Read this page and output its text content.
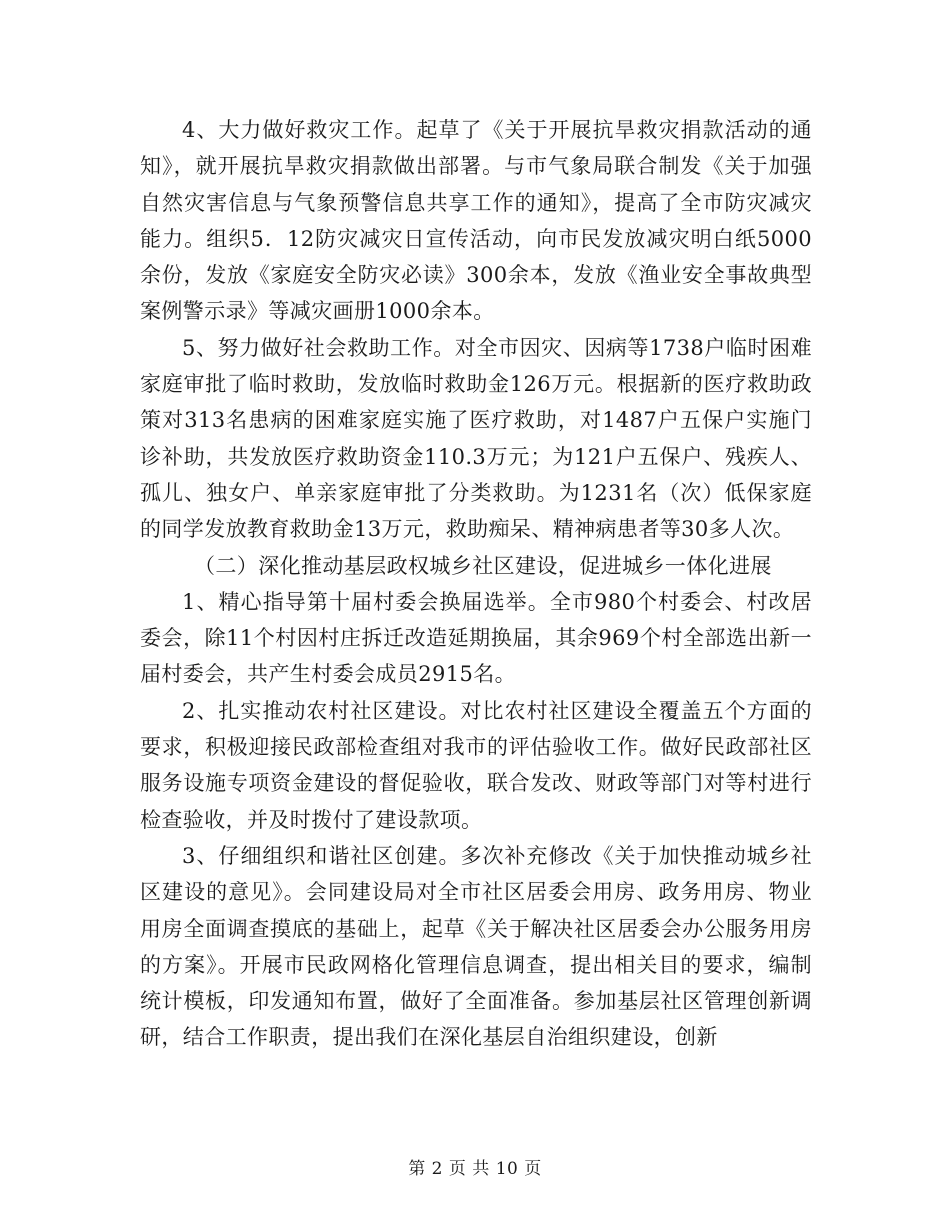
4、大力做好救灾工作。起草了《关于开展抗旱救灾捐款活动的通知》，就开展抗旱救灾捐款做出部署。与市气象局联合制发《关于加强自然灾害信息与气象预警信息共享工作的通知》，提高了全市防灾减灾能力。组织5．12防灾减灾日宣传活动，向市民发放减灾明白纸5000余份，发放《家庭安全防灾必读》300余本，发放《渔业安全事故典型案例警示录》等减灾画册1000余本。

5、努力做好社会救助工作。对全市因灾、因病等1738户临时困难家庭审批了临时救助，发放临时救助金126万元。根据新的医疗救助政策对313名患病的困难家庭实施了医疗救助，对1487户五保户实施门诊补助，共发放医疗救助资金110.3万元；为121户五保户、残疾人、孤儿、独女户、单亲家庭审批了分类救助。为1231名（次）低保家庭的同学发放教育救助金13万元，救助痴呆、精神病患者等30多人次。

（二）深化推动基层政权城乡社区建设，促进城乡一体化进展

1、精心指导第十届村委会换届选举。全市980个村委会、村改居委会，除11个村因村庄拆迁改造延期换届，其余969个村全部选出新一届村委会，共产生村委会成员2915名。

2、扎实推动农村社区建设。对比农村社区建设全覆盖五个方面的要求，积极迎接民政部检查组对我市的评估验收工作。做好民政部社区服务设施专项资金建设的督促验收，联合发改、财政等部门对等村进行检查验收，并及时拨付了建设款项。

3、仔细组织和谐社区创建。多次补充修改《关于加快推动城乡社区建设的意见》。会同建设局对全市社区居委会用房、政务用房、物业用房全面调查摸底的基础上，起草《关于解决社区居委会办公服务用房的方案》。开展市民政网格化管理信息调查，提出相关目的要求，编制统计模板，印发通知布置，做好了全面准备。参加基层社区管理创新调研，结合工作职责，提出我们在深化基层自治组织建设，创新

第 2 页 共 10 页
